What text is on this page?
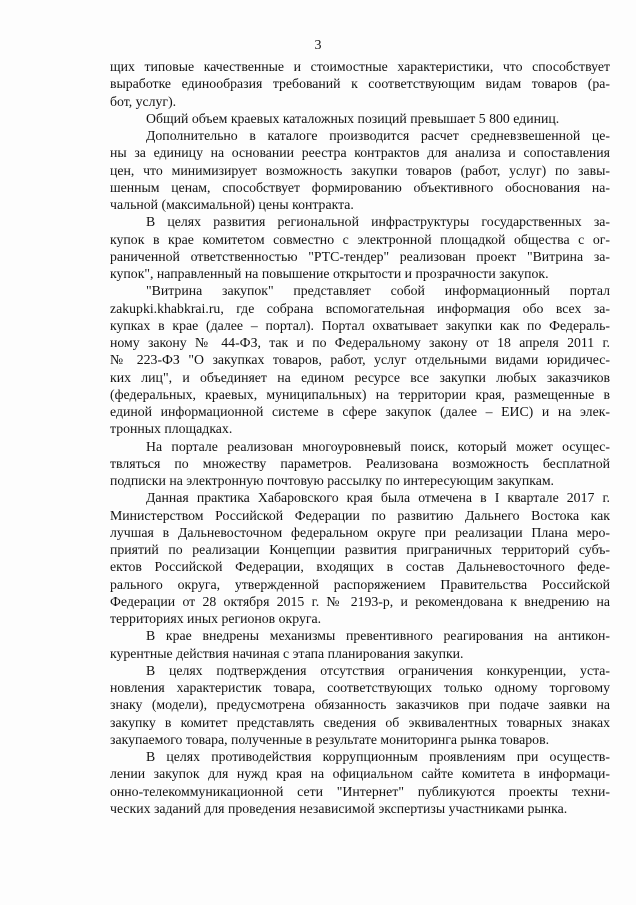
3
щих типовые качественные и стоимостные характеристики, что способствует
выработке единообразия требований к соответствующим видам товаров (ра-
бот, услуг).
Общий объем краевых каталожных позиций превышает 5 800 единиц.
Дополнительно в каталоге производится расчет средневзвешенной це-
ны за единицу на основании реестра контрактов для анализа и сопоставления
цен, что минимизирует возможность закупки товаров (работ, услуг) по завы-
шенным ценам, способствует формированию объективного обоснования на-
чальной (максимальной) цены контракта.
В целях развития региональной инфраструктуры государственных за-
купок в крае комитетом совместно с электронной площадкой общества с ог-
раниченной ответственностью "РТС-тендер" реализован проект "Витрина за-
купок", направленный на повышение открытости и прозрачности закупок.
"Витрина закупок" представляет собой информационный портал
zakupki.khabkrai.ru, где собрана вспомогательная информация обо всех за-
купках в крае (далее – портал). Портал охватывает закупки как по Федераль-
ному закону № 44-ФЗ, так и по Федеральному закону от 18 апреля 2011 г.
№ 223-ФЗ "О закупках товаров, работ, услуг отдельными видами юридичес-
ких лиц", и объединяет на едином ресурсе все закупки любых заказчиков
(федеральных, краевых, муниципальных) на территории края, размещенные в
единой информационной системе в сфере закупок (далее – ЕИС) и на элек-
тронных площадках.
На портале реализован многоуровневый поиск, который может осущес-
твляться по множеству параметров. Реализована возможность бесплатной
подписки на электронную почтовую рассылку по интересующим закупкам.
Данная практика Хабаровского края была отмечена в I квартале 2017 г.
Министерством Российской Федерации по развитию Дальнего Востока как
лучшая в Дальневосточном федеральном округе при реализации Плана меро-
приятий по реализации Концепции развития приграничных территорий субъ-
ектов Российской Федерации, входящих в состав Дальневосточного феде-
рального округа, утвержденной распоряжением Правительства Российской
Федерации от 28 октября 2015 г. № 2193-р, и рекомендована к внедрению на
территориях иных регионов округа.
В крае внедрены механизмы превентивного реагирования на антикон-
курентные действия начиная с этапа планирования закупки.
В целях подтверждения отсутствия ограничения конкуренции, уста-
новления характеристик товара, соответствующих только одному торговому
знаку (модели), предусмотрена обязанность заказчиков при подаче заявки на
закупку в комитет представлять сведения об эквивалентных товарных знаках
закупаемого товара, полученные в результате мониторинга рынка товаров.
В целях противодействия коррупционным проявлениям при осуществ-
лении закупок для нужд края на официальном сайте комитета в информаци-
онно-телекоммуникационной сети "Интернет" публикуются проекты техни-
ческих заданий для проведения независимой экспертизы участниками рынка.
